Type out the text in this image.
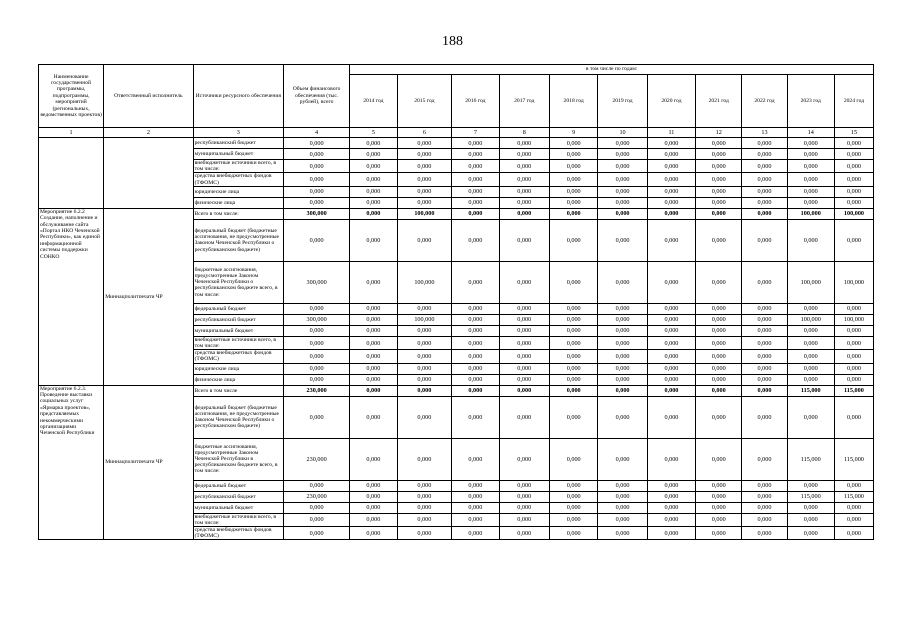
188
Наименование государственной программы, подпрограммы, мероприятий (региональных, ведомственных проектов)	Ответственный исполнитель	Источники ресурсного обеспечения	Объем финансового обеспечения (тыс. рублей), всего	в том числе по годам:										
				2014 год	2015 год	2016 год	2017 год	2018 год	2019 год	2020 год	2021 год	2022 год	2023 год	2024 год
1	2	3	4	5	6	7	8	9	10	11	12	13	14	15
		республиканский бюджет	0,000	0,000	0,000	0,000	0,000	0,000	0,000	0,000	0,000	0,000	0,000	0,000
		муниципальный бюджет	0,000	0,000	0,000	0,000	0,000	0,000	0,000	0,000	0,000	0,000	0,000	0,000
		внебюджетные источники всего, в том числе:	0,000	0,000	0,000	0,000	0,000	0,000	0,000	0,000	0,000	0,000	0,000	0,000
		средства внебюджетных фондов (ТФОМС)	0,000	0,000	0,000	0,000	0,000	0,000	0,000	0,000	0,000	0,000	0,000	0,000
		юридические лица	0,000	0,000	0,000	0,000	0,000	0,000	0,000	0,000	0,000	0,000	0,000	0,000
		физические лица	0,000	0,000	0,000	0,000	0,000	0,000	0,000	0,000	0,000	0,000	0,000	0,000
Мероприятие 6.2.2 Создание, наполнение и обслуживание сайта «Портал НКО Чеченской Республики», как единой информационной системы поддержки СОНКО	Миннацполитпечати ЧР	Всего в том числе:	300,000	0,000	100,000	0,000	0,000	0,000	0,000	0,000	0,000	0,000	100,000	100,000
		федеральный бюджет (бюджетные ассигнования, не предусмотренные Законом Чеченской Республики о республиканском бюджете)	0,000	0,000	0,000	0,000	0,000	0,000	0,000	0,000	0,000	0,000	0,000	0,000
		бюджетные ассигнования, предусмотренные Законом Чеченской Республики о республиканском бюджете всего, в том числе:	300,000	0,000	100,000	0,000	0,000	0,000	0,000	0,000	0,000	0,000	100,000	100,000
		федеральный бюджет	0,000	0,000	0,000	0,000	0,000	0,000	0,000	0,000	0,000	0,000	0,000	0,000
		республиканский бюджет	300,000	0,000	100,000	0,000	0,000	0,000	0,000	0,000	0,000	0,000	100,000	100,000
		муниципальный бюджет	0,000	0,000	0,000	0,000	0,000	0,000	0,000	0,000	0,000	0,000	0,000	0,000
		внебюджетные источники всего, в том числе:	0,000	0,000	0,000	0,000	0,000	0,000	0,000	0,000	0,000	0,000	0,000	0,000
		средства внебюджетных фондов (ТФОМС)	0,000	0,000	0,000	0,000	0,000	0,000	0,000	0,000	0,000	0,000	0,000	0,000
		юридические лица	0,000	0,000	0,000	0,000	0,000	0,000	0,000	0,000	0,000	0,000	0,000	0,000
		физические лица	0,000	0,000	0,000	0,000	0,000	0,000	0,000	0,000	0,000	0,000	0,000	0,000
Мероприятие 6.2.3. Проведение выставки социальных услуг «Ярмарка проектов», представляемых некоммерческими организациями Чеченской Республики	Миннацполитпечати ЧР	Всего в том числе	230,000	0,000	0,000	0,000	0,000	0,000	0,000	0,000	0,000	0,000	115,000	115,000
		федеральный бюджет (бюджетные ассигнования, не предусмотренные Законом Чеченской Республики о республиканском бюджете)	0,000	0,000	0,000	0,000	0,000	0,000	0,000	0,000	0,000	0,000	0,000	0,000
		бюджетные ассигнования, предусмотренные Законом Чеченской Республики в республиканском бюджете всего, в том числе:	230,000	0,000	0,000	0,000	0,000	0,000	0,000	0,000	0,000	0,000	115,000	115,000
		федеральный бюджет	0,000	0,000	0,000	0,000	0,000	0,000	0,000	0,000	0,000	0,000	0,000	0,000
		республиканский бюджет	230,000	0,000	0,000	0,000	0,000	0,000	0,000	0,000	0,000	0,000	115,000	115,000
		муниципальный бюджет	0,000	0,000	0,000	0,000	0,000	0,000	0,000	0,000	0,000	0,000	0,000	0,000
		внебюджетные источники всего, в том числе:	0,000	0,000	0,000	0,000	0,000	0,000	0,000	0,000	0,000	0,000	0,000	0,000
		средства внебюджетных фондов (ТФОМС)	0,000	0,000	0,000	0,000	0,000	0,000	0,000	0,000	0,000	0,000	0,000	0,000
